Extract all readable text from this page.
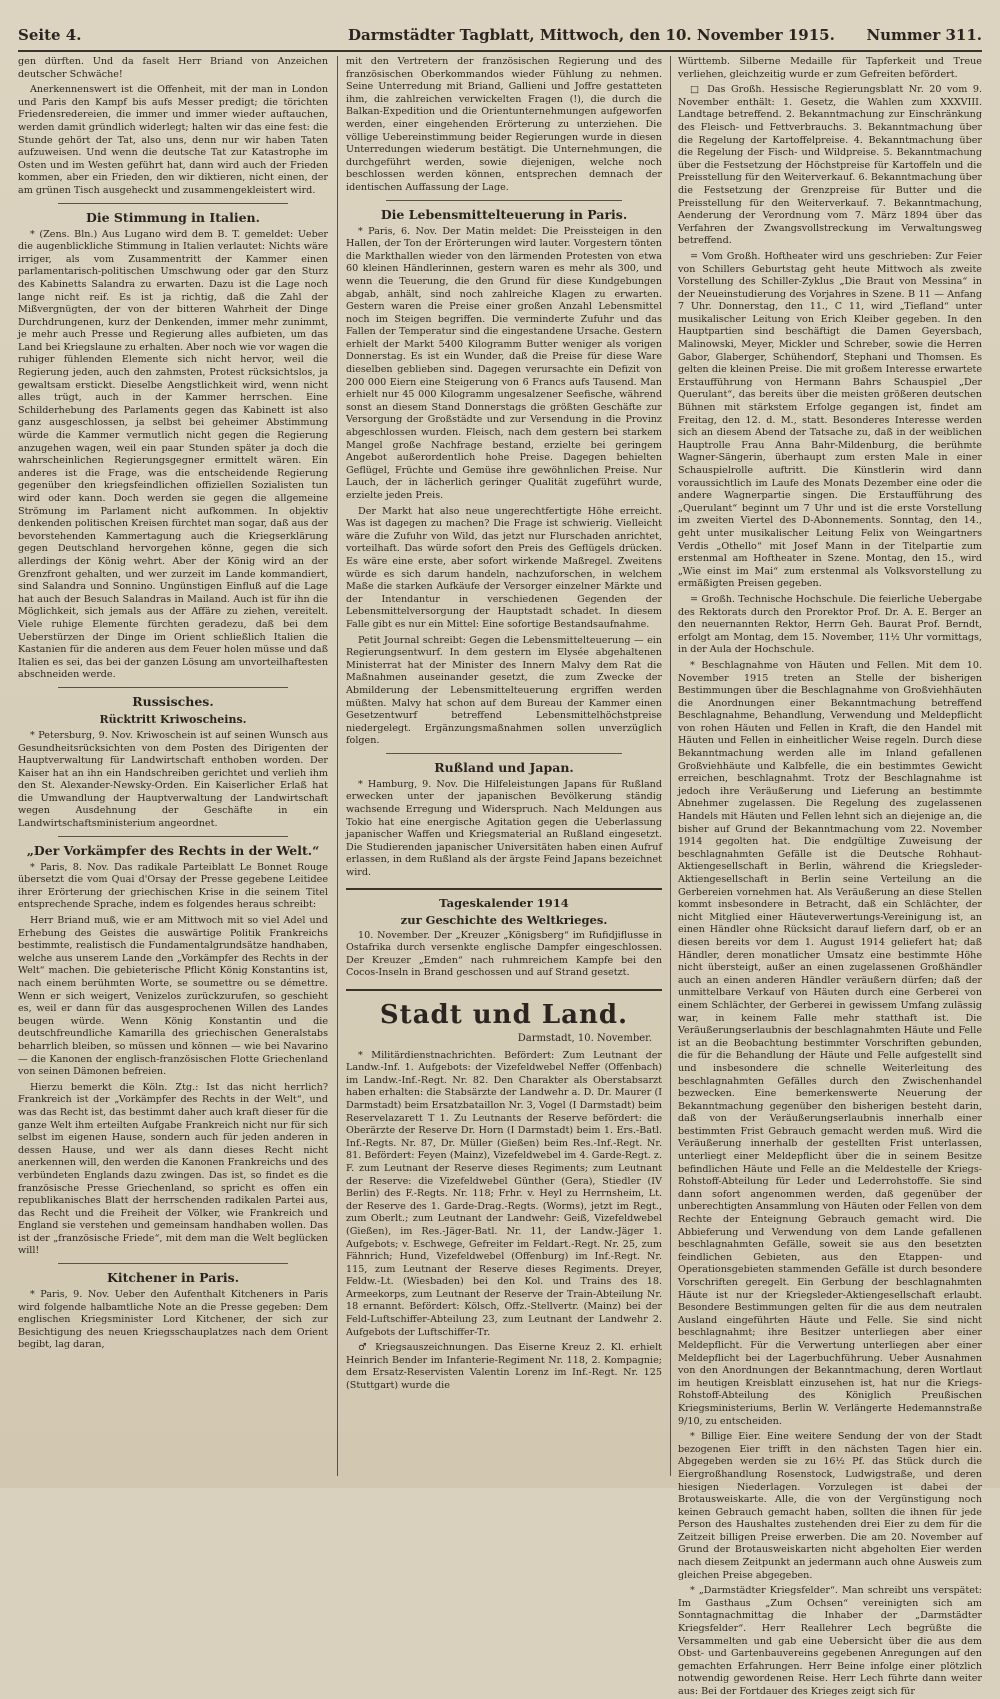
Seite 4.	Darmstädter Tagblatt, Mittwoch, den 10. November 1915. Nummer 311.

gen dürften. Und da faselt Herr Briand von Anzeichen deutscher Schwäche!

Anerkennenswert ist die Offenheit, mit der man in London und Paris den Kampf bis aufs Messer predigt; die törichten Friedensredereien, die immer und immer wieder auftauchen, werden damit gründlich widerlegt; halten wir das eine fest: die Stunde gehört der Tat, also uns, denn nur wir haben Taten aufzuweisen. Und wenn die deutsche Tat zur Katastrophe im Osten und im Westen geführt hat, dann wird auch der Frieden kommen, aber ein Frieden, den wir diktieren, nicht einen, der am grünen Tisch ausgeheckt und zusammengekleistert wird.

Die Stimmung in Italien.

* (Zens. Bln.) Aus Lugano wird dem B. T. gemeldet: Ueber die augenblickliche Stimmung in Italien verlautet: Nichts wäre irriger, als vom Zusammentritt der Kammer einen parlamentarisch-politischen Umschwung oder gar den Sturz des Kabinetts Salandra zu erwarten. Dazu ist die Lage noch lange nicht reif. Es ist ja richtig, daß die Zahl der Mißvergnügten, der von der bitteren Wahrheit der Dinge Durchdrungenen, kurz der Denkenden, immer mehr zunimmt, je mehr auch Presse und Regierung alles aufbieten, um das Land bei Kriegslaune zu erhalten. Aber noch wie vor wagen die ruhiger fühlenden Elemente sich nicht hervor, weil die Regierung jeden, auch den zahmsten, Protest rücksichtslos, ja gewaltsam erstickt. Dieselbe Aengstlichkeit wird, wenn nicht alles trügt, auch in der Kammer herrschen. Eine Schilderhebung des Parlaments gegen das Kabinett ist also ganz ausgeschlossen, ja selbst bei geheimer Abstimmung würde die Kammer vermutlich nicht gegen die Regierung anzugehen wagen, weil ein paar Stunden später ja doch die wahrscheinlichen Regierungsgegner ermittelt wären. Ein anderes ist die Frage, was die entscheidende Regierung gegenüber den kriegsfeindlichen offiziellen Sozialisten tun wird oder kann. Doch werden sie gegen die allgemeine Strömung im Parlament nicht aufkommen. In objektiv denkenden politischen Kreisen fürchtet man sogar, daß aus der bevorstehenden Kammertagung auch die Kriegserklärung gegen Deutschland hervorgehen könne, gegen die sich allerdings der König wehrt. Aber der König wird an der Grenzfront gehalten, und wer zurzeit im Lande kommandiert, sind Salandra und Sonnino. Ungünstigen Einfluß auf die Lage hat auch der Besuch Salandras in Mailand. Auch ist für ihn die Möglichkeit, sich jemals aus der Affäre zu ziehen, vereitelt. Viele ruhige Elemente fürchten geradezu, daß bei dem Ueberstürzen der Dinge im Orient schließlich Italien die Kastanien für die anderen aus dem Feuer holen müsse und daß Italien es sei, das bei der ganzen Lösung am unvorteilhaftesten abschneiden werde.

Russisches.
Rücktritt Kriwoscheins.

* Petersburg, 9. Nov. Kriwoschein ist auf seinen Wunsch aus Gesundheitsrücksichten von dem Posten des Dirigenten der Hauptverwaltung für Landwirtschaft enthoben worden. Der Kaiser hat an ihn ein Handschreiben gerichtet und verlieh ihm den St. Alexander-Newsky-Orden. Ein Kaiserlicher Erlaß hat die Umwandlung der Hauptverwaltung der Landwirtschaft wegen Ausdehnung der Geschäfte in ein Landwirtschaftsministerium angeordnet.

„Der Vorkämpfer des Rechts in der Welt.“

* Paris, 8. Nov. Das radikale Parteiblatt Le Bonnet Rouge übersetzt die vom Quai d'Orsay der Presse gegebene Leitidee ihrer Erörterung der griechischen Krise in die seinem Titel entsprechende Sprache, indem es folgendes heraus schreibt:

Herr Briand muß, wie er am Mittwoch mit so viel Adel und Erhebung des Geistes die auswärtige Politik Frankreichs bestimmte, realistisch die Fundamentalgrundsätze handhaben, welche aus unserem Lande den „Vorkämpfer des Rechts in der Welt“ machen. Die gebieterische Pflicht König Konstantins ist, nach einem berühmten Worte, se soumettre ou se démettre. Wenn er sich weigert, Venizelos zurückzurufen, so geschieht es, weil er dann für das ausgesprochenen Willen des Landes beugen würde. Wenn König Konstantin und die deutschfreundliche Kamarilla des griechischen Generalstabs beharrlich bleiben, so müssen und können — wie bei Navarino — die Kanonen der englisch-französischen Flotte Griechenland von seinen Dämonen befreien.

Hierzu bemerkt die Köln. Ztg.: Ist das nicht herrlich? Frankreich ist der „Vorkämpfer des Rechts in der Welt“, und was das Recht ist, das bestimmt daher auch kraft dieser für die ganze Welt ihm erteilten Aufgabe Frankreich nicht nur für sich selbst im eigenen Hause, sondern auch für jeden anderen in dessen Hause, und wer als dann dieses Recht nicht anerkennen will, den werden die Kanonen Frankreichs und des verbündeten Englands dazu zwingen. Das ist, so findet es die französische Presse Griechenland, so spricht es offen ein republikanisches Blatt der herrschenden radikalen Partei aus, das Recht und die Freiheit der Völker, wie Frankreich und England sie verstehen und gemeinsam handhaben wollen. Das ist der „französische Friede“, mit dem man die Welt beglücken will!

Kitchener in Paris.

* Paris, 9. Nov. Ueber den Aufenthalt Kitcheners in Paris wird folgende halbamtliche Note an die Presse gegeben: Dem englischen Kriegsminister Lord Kitchener, der sich zur Besichtigung des neuen Kriegsschauplatzes nach dem Orient begibt, lag daran,

mit den Vertretern der französischen Regierung und des französischen Oberkommandos wieder Fühlung zu nehmen. Seine Unterredung mit Briand, Gallieni und Joffre gestatteten ihm, die zahlreichen verwickelten Fragen (!), die durch die Balkan-Expedition und die Orientunternehmungen aufgeworfen werden, einer eingehenden Erörterung zu unterziehen. Die völlige Uebereinstimmung beider Regierungen wurde in diesen Unterredungen wiederum bestätigt. Die Unternehmungen, die durchgeführt werden, sowie diejenigen, welche noch beschlossen werden können, entsprechen demnach der identischen Auffassung der Lage.

Die Lebensmittelteuerung in Paris.

* Paris, 6. Nov. Der Matin meldet: Die Preissteigen in den Hallen, der Ton der Erörterungen wird lauter. Vorgestern tönten die Markthallen wieder von den lärmenden Protesten von etwa 60 kleinen Händlerinnen, gestern waren es mehr als 300, und wenn die Teuerung, die den Grund für diese Kundgebungen abgab, anhält, sind noch zahlreiche Klagen zu erwarten. Gestern waren die Preise einer großen Anzahl Lebensmittel noch im Steigen begriffen. Die verminderte Zufuhr und das Fallen der Temperatur sind die eingestandene Ursache. Gestern erhielt der Markt 5400 Kilogramm Butter weniger als vorigen Donnerstag. Es ist ein Wunder, daß die Preise für diese Ware dieselben geblieben sind. Dagegen verursachte ein Defizit von 200 000 Eiern eine Steigerung von 6 Francs aufs Tausend. Man erhielt nur 45 000 Kilogramm ungesalzener Seefische, während sonst an diesem Stand Donnerstags die größten Geschäfte zur Versorgung der Großstädte und zur Versendung in die Provinz abgeschlossen wurden. Fleisch, nach dem gestern bei starkem Mangel große Nachfrage bestand, erzielte bei geringem Angebot außerordentlich hohe Preise. Dagegen behielten Geflügel, Früchte und Gemüse ihre gewöhnlichen Preise. Nur Lauch, der in lächerlich geringer Qualität zugeführt wurde, erzielte jeden Preis.

Der Markt hat also neue ungerechtfertigte Höhe erreicht. Was ist dagegen zu machen? Die Frage ist schwierig. Vielleicht wäre die Zufuhr von Wild, das jetzt nur Flurschaden anrichtet, vorteilhaft. Das würde sofort den Preis des Geflügels drücken. Es wäre eine erste, aber sofort wirkende Maßregel. Zweitens würde es sich darum handeln, nachzuforschen, in welchem Maße die starken Aufkäufe der Versorger einzelner Märkte und der Intendantur in verschiedenen Gegenden der Lebensmittelversorgung der Hauptstadt schadet. In diesem Falle gibt es nur ein Mittel: Eine sofortige Bestandsaufnahme.

Petit Journal schreibt: Gegen die Lebensmittelteuerung — ein Regierungsentwurf. In dem gestern im Elysée abgehaltenen Ministerrat hat der Minister des Innern Malvy dem Rat die Maßnahmen auseinander gesetzt, die zum Zwecke der Abmilderung der Lebensmittelteuerung ergriffen werden müßten. Malvy hat schon auf dem Bureau der Kammer einen Gesetzentwurf betreffend Lebensmittelhöchstpreise niedergelegt. Ergänzungsmaßnahmen sollen unverzüglich folgen.

Rußland und Japan.

* Hamburg, 9. Nov. Die Hilfeleistungen Japans für Rußland erwecken unter der japanischen Bevölkerung ständig wachsende Erregung und Widerspruch. Nach Meldungen aus Tokio hat eine energische Agitation gegen die Ueberlassung japanischer Waffen und Kriegsmaterial an Rußland eingesetzt. Die Studierenden japanischer Universitäten haben einen Aufruf erlassen, in dem Rußland als der ärgste Feind Japans bezeichnet wird.

Tageskalender 1914
zur Geschichte des Weltkrieges.

10. November. Der „Kreuzer „Königsberg“ im Rufidjiflusse in Ostafrika durch versenkte englische Dampfer eingeschlossen. Der Kreuzer „Emden“ nach ruhmreichem Kampfe bei den Cocos-Inseln in Brand geschossen und auf Strand gesetzt.

Stadt und Land.
Darmstadt, 10. November.

* Militärdienstnachrichten. Befördert: Zum Leutnant der Landw.-Inf. 1. Aufgebots: der Vizefeldwebel Neffer (Offenbach) im Landw.-Inf.-Regt. Nr. 82. Den Charakter als Oberstabsarzt haben erhalten: die Stabsärzte der Landwehr a. D. Dr. Maurer (I Darmstadt) beim Ersatzbataillon Nr. 3, Vogel (I Darmstadt) beim Reservelazarett T 1. Zu Leutnants der Reserve befördert: die Oberärzte der Reserve Dr. Horn (I Darmstadt) beim 1. Ers.-Batl. Inf.-Regts. Nr. 87, Dr. Müller (Gießen) beim Res.-Inf.-Regt. Nr. 81. Befördert: Feyen (Mainz), Vizefeldwebel im 4. Garde-Regt. z. F. zum Leutnant der Reserve dieses Regiments; zum Leutnant der Reserve: die Vizefeldwebel Günther (Gera), Stiedler (IV Berlin) des F.-Regts. Nr. 118; Frhr. v. Heyl zu Herrnsheim, Lt. der Reserve des 1. Garde-Drag.-Regts. (Worms), jetzt im Regt., zum Oberlt.; zum Leutnant der Landwehr: Geiß, Vizefeldwebel (Gießen), im Res.-Jäger-Batl. Nr. 11, der Landw.-Jäger 1. Aufgebots; v. Eschwege, Gefreiter im Feldart.-Regt. Nr. 25, zum Fähnrich; Hund, Vizefeldwebel (Offenburg) im Inf.-Regt. Nr. 115, zum Leutnant der Reserve dieses Regiments. Dreyer, Feldw.-Lt. (Wiesbaden) bei den Kol. und Trains des 18. Armeekorps, zum Leutnant der Reserve der Train-Abteilung Nr. 18 ernannt. Befördert: Kölsch, Offz.-Stellvertr. (Mainz) bei der Feld-Luftschiffer-Abteilung 23, zum Leutnant der Landwehr 2. Aufgebots der Luftschiffer-Tr.

♂ Kriegsauszeichnungen. Das Eiserne Kreuz 2. Kl. erhielt Heinrich Bender im Infanterie-Regiment Nr. 118, 2. Kompagnie; dem Ersatz-Reservisten Valentin Lorenz im Inf.-Regt. Nr. 125 (Stuttgart) wurde die

Württemb. Silberne Medaille für Tapferkeit und Treue verliehen, gleichzeitig wurde er zum Gefreiten befördert.

□ Das Großh. Hessische Regierungsblatt Nr. 20 vom 9. November enthält: 1. Gesetz, die Wahlen zum XXXVIII. Landtage betreffend. 2. Bekanntmachung zur Einschränkung des Fleisch- und Fettverbrauchs. 3. Bekanntmachung über die Regelung der Kartoffelpreise. 4. Bekanntmachung über die Regelung der Fisch- und Wildpreise. 5. Bekanntmachung über die Festsetzung der Höchstpreise für Kartoffeln und die Preisstellung für den Weiterverkauf. 6. Bekanntmachung über die Festsetzung der Grenzpreise für Butter und die Preisstellung für den Weiterverkauf. 7. Bekanntmachung, Aenderung der Verordnung vom 7. März 1894 über das Verfahren der Zwangsvollstreckung im Verwaltungsweg betreffend.

= Vom Großh. Hoftheater wird uns geschrieben: Zur Feier von Schillers Geburtstag geht heute Mittwoch als zweite Vorstellung des Schiller-Zyklus „Die Braut von Messina“ in der Neueinstudierung des Vorjahres in Szene. B 11 — Anfang 7 Uhr. Donnerstag, den 11., C 11, wird „Tiefland“ unter musikalischer Leitung von Erich Kleiber gegeben. In den Hauptpartien sind beschäftigt die Damen Geyersbach, Malinowski, Meyer, Mickler und Schreber, sowie die Herren Gabor, Glaberger, Schühendorf, Stephani und Thomsen. Es gelten die kleinen Preise. Die mit großem Interesse erwartete Erstaufführung von Hermann Bahrs Schauspiel „Der Querulant“, das bereits über die meisten größeren deutschen Bühnen mit stärkstem Erfolge gegangen ist, findet am Freitag, den 12. d. M., statt. Besonderes Interesse werden sich an diesem Abend der Tatsache zu, daß in der weiblichen Hauptrolle Frau Anna Bahr-Mildenburg, die berühmte Wagner-Sängerin, überhaupt zum ersten Male in einer Schauspielrolle auftritt. Die Künstlerin wird dann voraussichtlich im Laufe des Monats Dezember eine oder die andere Wagnerpartie singen. Die Erstaufführung des „Querulant“ beginnt um 7 Uhr und ist die erste Vorstellung im zweiten Viertel des D-Abonnements. Sonntag, den 14., geht unter musikalischer Leitung Felix von Weingartners Verdis „Othello“ mit Josef Mann in der Titelpartie zum erstenmal am Hoftheater in Szene. Montag, den 15., wird „Wie einst im Mai“ zum erstenmal als Volksvorstellung zu ermäßigten Preisen gegeben.

= Großh. Technische Hochschule. Die feierliche Uebergabe des Rektorats durch den Prorektor Prof. Dr. A. E. Berger an den neuernannten Rektor, Herrn Geh. Baurat Prof. Berndt, erfolgt am Montag, dem 15. November, 11½ Uhr vormittags, in der Aula der Hochschule.

* Beschlagnahme von Häuten und Fellen. Mit dem 10. November 1915 treten an Stelle der bisherigen Bestimmungen über die Beschlagnahme von Großviehhäuten die Anordnungen einer Bekanntmachung betreffend Beschlagnahme, Behandlung, Verwendung und Meldepflicht von rohen Häuten und Fellen in Kraft, die den Handel mit Häuten und Fellen in einheitlicher Weise regeln. Durch diese Bekanntmachung werden alle im Inland gefallenen Großviehhäute und Kalbfelle, die ein bestimmtes Gewicht erreichen, beschlagnahmt. Trotz der Beschlagnahme ist jedoch ihre Veräußerung und Lieferung an bestimmte Abnehmer zugelassen. Die Regelung des zugelassenen Handels mit Häuten und Fellen lehnt sich an diejenige an, die bisher auf Grund der Bekanntmachung vom 22. November 1914 gegolten hat. Die endgültige Zuweisung der beschlagnahmten Gefälle ist die Deutsche Rohhaut-Aktiengesellschaft in Berlin, während die Kriegsleder-Aktiengesellschaft in Berlin seine Verteilung an die Gerbereien vornehmen hat. Als Veräußerung an diese Stellen kommt insbesondere in Betracht, daß ein Schlächter, der nicht Mitglied einer Häuteverwertungs-Vereinigung ist, an einen Händler ohne Rücksicht darauf liefern darf, ob er an diesen bereits vor dem 1. August 1914 geliefert hat; daß Händler, deren monatlicher Umsatz eine bestimmte Höhe nicht übersteigt, außer an einen zugelassenen Großhändler auch an einen anderen Händler veräußern dürfen; daß der unmittelbare Verkauf von Häuten durch eine Gerberei von einem Schlächter, der Gerberei in gewissem Umfang zulässig war, in keinem Falle mehr statthaft ist. Die Veräußerungserlaubnis der beschlagnahmten Häute und Felle ist an die Beobachtung bestimmter Vorschriften gebunden, die für die Behandlung der Häute und Felle aufgestellt sind und insbesondere die schnelle Weiterleitung des beschlagnahmten Gefälles durch den Zwischenhandel bezwecken. Eine bemerkenswerte Neuerung der Bekanntmachung gegenüber den bisherigen besteht darin, daß von der Veräußerungserlaubnis innerhalb einer bestimmten Frist Gebrauch gemacht werden muß. Wird die Veräußerung innerhalb der gestellten Frist unterlassen, unterliegt einer Meldepflicht über die in seinem Besitze befindlichen Häute und Felle an die Meldestelle der Kriegs-Rohstoff-Abteilung für Leder und Lederrohstoffe. Sie sind dann sofort angenommen werden, daß gegenüber der unberechtigten Ansammlung von Häuten oder Fellen von dem Rechte der Enteignung Gebrauch gemacht wird. Die Abbieferung und Verwendung von dem Lande gefallenen beschlagnahmten Gefälle, soweit sie aus den besetzten feindlichen Gebieten, aus den Etappen- und Operationsgebieten stammenden Gefälle ist durch besondere Vorschriften geregelt. Ein Gerbung der beschlagnahmten Häute ist nur der Kriegsleder-Aktiengesellschaft erlaubt. Besondere Bestimmungen gelten für die aus dem neutralen Ausland eingeführten Häute und Felle. Sie sind nicht beschlagnahmt; ihre Besitzer unterliegen aber einer Meldepflicht. Für die Verwertung unterliegen aber einer Meldepflicht bei der Lagerbuchführung. Ueber Ausnahmen von den Anordnungen der Bekanntmachung, deren Wortlaut im heutigen Kreisblatt einzusehen ist, hat nur die Kriegs-Rohstoff-Abteilung des Königlich Preußischen Kriegsministeriums, Berlin W. Verlängerte Hedemannstraße 9/10, zu entscheiden.

* Billige Eier. Eine weitere Sendung der von der Stadt bezogenen Eier trifft in den nächsten Tagen hier ein. Abgegeben werden sie zu 16½ Pf. das Stück durch die Eiergroßhandlung Rosenstock, Ludwigstraße, und deren hiesigen Niederlagen. Vorzulegen ist dabei der Brotausweiskarte. Alle, die von der Vergünstigung noch keinen Gebrauch gemacht haben, sollten die ihnen für jede Person des Haushaltes zustehenden drei Eier zu dem für die Zeitzeit billigen Preise erwerben. Die am 20. November auf Grund der Brotausweiskarten nicht abgeholten Eier werden nach diesem Zeitpunkt an jedermann auch ohne Ausweis zum gleichen Preise abgegeben.

* „Darmstädter Kriegsfelder“. Man schreibt uns verspätet: Im Gasthaus „Zum Ochsen“ vereinigten sich am Sonntagnachmittag die Inhaber der „Darmstädter Kriegsfelder“. Herr Reallehrer Lech begrüßte die Versammelten und gab eine Uebersicht über die aus dem Obst- und Gartenbauvereins gegebenen Anregungen auf den gemachten Erfahrungen. Herr Beine infolge einer plötzlich notwendig gewordenen Reise. Herr Lech führte dann weiter aus: Bei der Fortdauer des Krieges zeigt sich für
